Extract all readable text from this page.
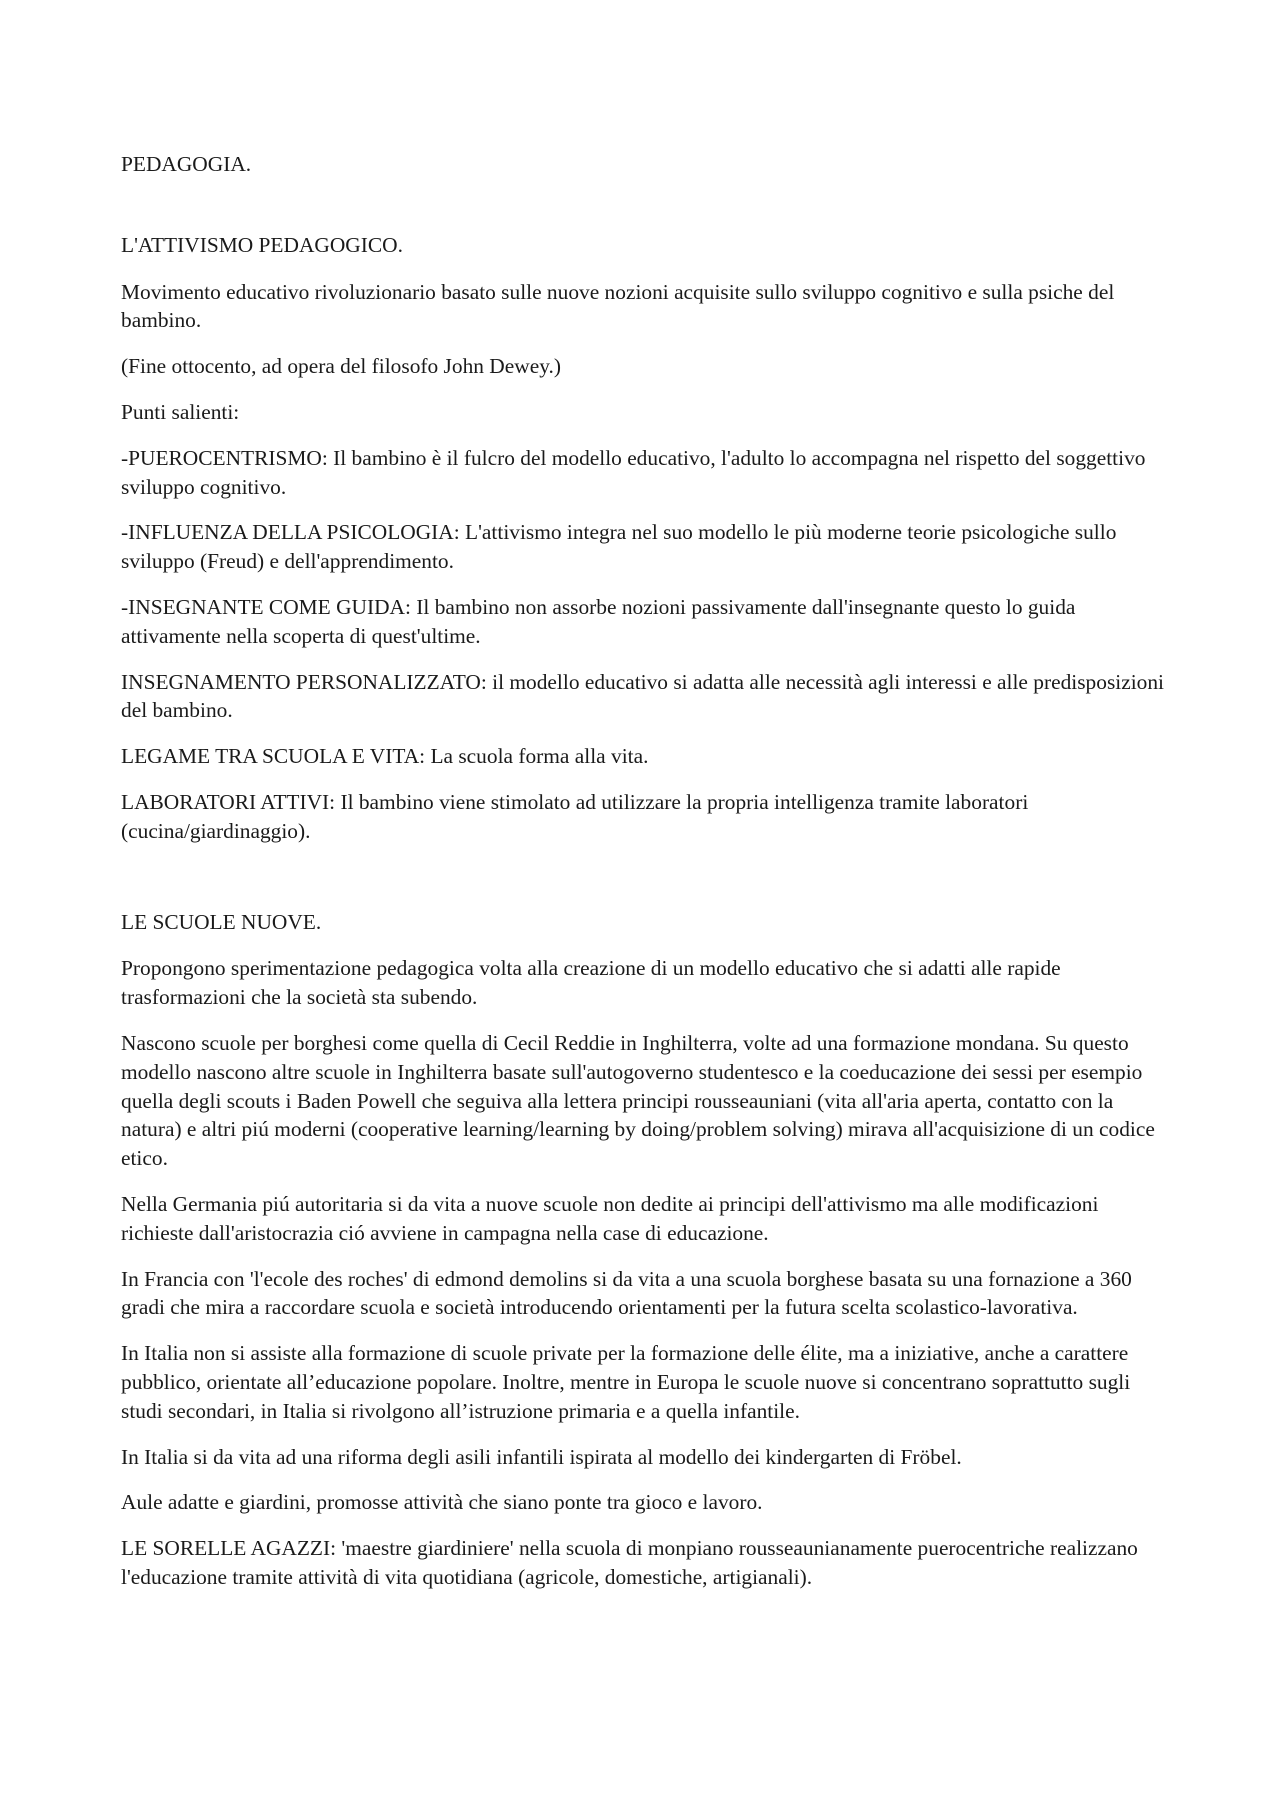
PEDAGOGIA.

L'ATTIVISMO PEDAGOGICO.

Movimento educativo rivoluzionario basato sulle nuove nozioni acquisite sullo sviluppo cognitivo e sulla psiche del bambino.

(Fine ottocento, ad opera del filosofo John Dewey.)

Punti salienti:

-PUEROCENTRISMO: Il bambino è il fulcro del modello educativo, l'adulto lo accompagna nel rispetto del soggettivo sviluppo cognitivo.

-INFLUENZA DELLA PSICOLOGIA: L'attivismo integra nel suo modello le più moderne teorie psicologiche sullo sviluppo (Freud) e dell'apprendimento.

-INSEGNANTE COME GUIDA: Il bambino non assorbe nozioni passivamente dall'insegnante questo lo guida attivamente nella scoperta di quest'ultime.

INSEGNAMENTO PERSONALIZZATO: il modello educativo si adatta alle necessità agli interessi e alle predisposizioni del bambino.

LEGAME TRA SCUOLA E VITA: La scuola forma alla vita.

LABORATORI ATTIVI: Il bambino viene stimolato ad utilizzare la propria intelligenza tramite laboratori (cucina/giardinaggio).

LE SCUOLE NUOVE.

Propongono sperimentazione pedagogica volta alla creazione di un modello educativo che si adatti alle rapide trasformazioni che la società sta subendo.

Nascono scuole per borghesi come quella di Cecil Reddie in Inghilterra, volte ad una formazione mondana. Su questo modello nascono altre scuole in Inghilterra basate sull'autogoverno studentesco e la coeducazione dei sessi per esempio quella degli scouts i Baden Powell che seguiva alla lettera principi rousseauniani (vita all'aria aperta, contatto con la natura) e altri piú moderni (cooperative learning/learning by doing/problem solving) mirava all'acquisizione di un codice etico.

Nella Germania piú autoritaria si da vita a nuove scuole non dedite ai principi dell'attivismo ma alle modificazioni richieste dall'aristocrazia ció avviene in campagna nella case di educazione.

In Francia con 'l'ecole des roches' di edmond demolins si da vita a una scuola borghese basata su una fornazione a 360 gradi che mira a raccordare scuola e società introducendo orientamenti per la futura scelta scolastico-lavorativa.

In Italia non si assiste alla formazione di scuole private per la formazione delle élite, ma a iniziative, anche a carattere pubblico, orientate all’educazione popolare. Inoltre, mentre in Europa le scuole nuove si concentrano soprattutto sugli studi secondari, in Italia si rivolgono all’istruzione primaria e a quella infantile.

In Italia si da vita ad una riforma degli asili infantili ispirata al modello dei kindergarten di Fröbel.

Aule adatte e giardini, promosse attività che siano ponte tra gioco e lavoro.

LE SORELLE AGAZZI: 'maestre giardiniere' nella scuola di monpiano rousseaunianamente puerocentriche realizzano l'educazione tramite attività di vita quotidiana (agricole, domestiche, artigianali).
